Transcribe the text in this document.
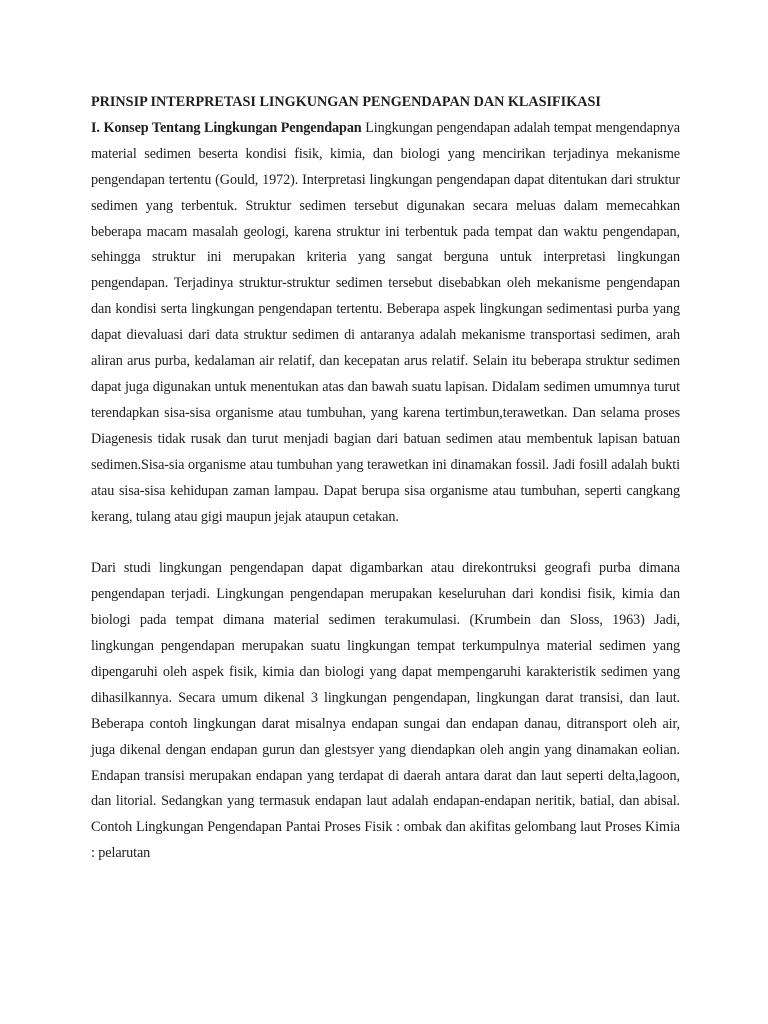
PRINSIP INTERPRETASI LINGKUNGAN PENGENDAPAN DAN KLASIFIKASI

I. Konsep Tentang Lingkungan Pengendapan Lingkungan pengendapan adalah tempat mengendapnya material sedimen beserta kondisi fisik, kimia, dan biologi yang mencirikan terjadinya mekanisme pengendapan tertentu (Gould, 1972). Interpretasi lingkungan pengendapan dapat ditentukan dari struktur sedimen yang terbentuk. Struktur sedimen tersebut digunakan secara meluas dalam memecahkan beberapa macam masalah geologi, karena struktur ini terbentuk pada tempat dan waktu pengendapan, sehingga struktur ini merupakan kriteria yang sangat berguna untuk interpretasi lingkungan pengendapan. Terjadinya struktur-struktur sedimen tersebut disebabkan oleh mekanisme pengendapan dan kondisi serta lingkungan pengendapan tertentu. Beberapa aspek lingkungan sedimentasi purba yang dapat dievaluasi dari data struktur sedimen di antaranya adalah mekanisme transportasi sedimen, arah aliran arus purba, kedalaman air relatif, dan kecepatan arus relatif. Selain itu beberapa struktur sedimen dapat juga digunakan untuk menentukan atas dan bawah suatu lapisan. Didalam sedimen umumnya turut terendapkan sisa-sisa organisme atau tumbuhan, yang karena tertimbun,terawetkan. Dan selama proses Diagenesis tidak rusak dan turut menjadi bagian dari batuan sedimen atau membentuk lapisan batuan sedimen.Sisa-sia organisme atau tumbuhan yang terawetkan ini dinamakan fossil. Jadi fosill adalah bukti atau sisa-sisa kehidupan zaman lampau. Dapat berupa sisa organisme atau tumbuhan, seperti cangkang kerang, tulang atau gigi maupun jejak ataupun cetakan.

Dari studi lingkungan pengendapan dapat digambarkan atau direkontruksi geografi purba dimana pengendapan terjadi. Lingkungan pengendapan merupakan keseluruhan dari kondisi fisik, kimia dan biologi pada tempat dimana material sedimen terakumulasi. (Krumbein dan Sloss, 1963) Jadi, lingkungan pengendapan merupakan suatu lingkungan tempat terkumpulnya material sedimen yang dipengaruhi oleh aspek fisik, kimia dan biologi yang dapat mempengaruhi karakteristik sedimen yang dihasilkannya. Secara umum dikenal 3 lingkungan pengendapan, lingkungan darat transisi, dan laut. Beberapa contoh lingkungan darat misalnya endapan sungai dan endapan danau, ditransport oleh air, juga dikenal dengan endapan gurun dan glestsyer yang diendapkan oleh angin yang dinamakan eolian. Endapan transisi merupakan endapan yang terdapat di daerah antara darat dan laut seperti delta,lagoon, dan litorial. Sedangkan yang termasuk endapan laut adalah endapan-endapan neritik, batial, dan abisal. Contoh Lingkungan Pengendapan Pantai Proses Fisik : ombak dan akifitas gelombang laut Proses Kimia : pelarutan
